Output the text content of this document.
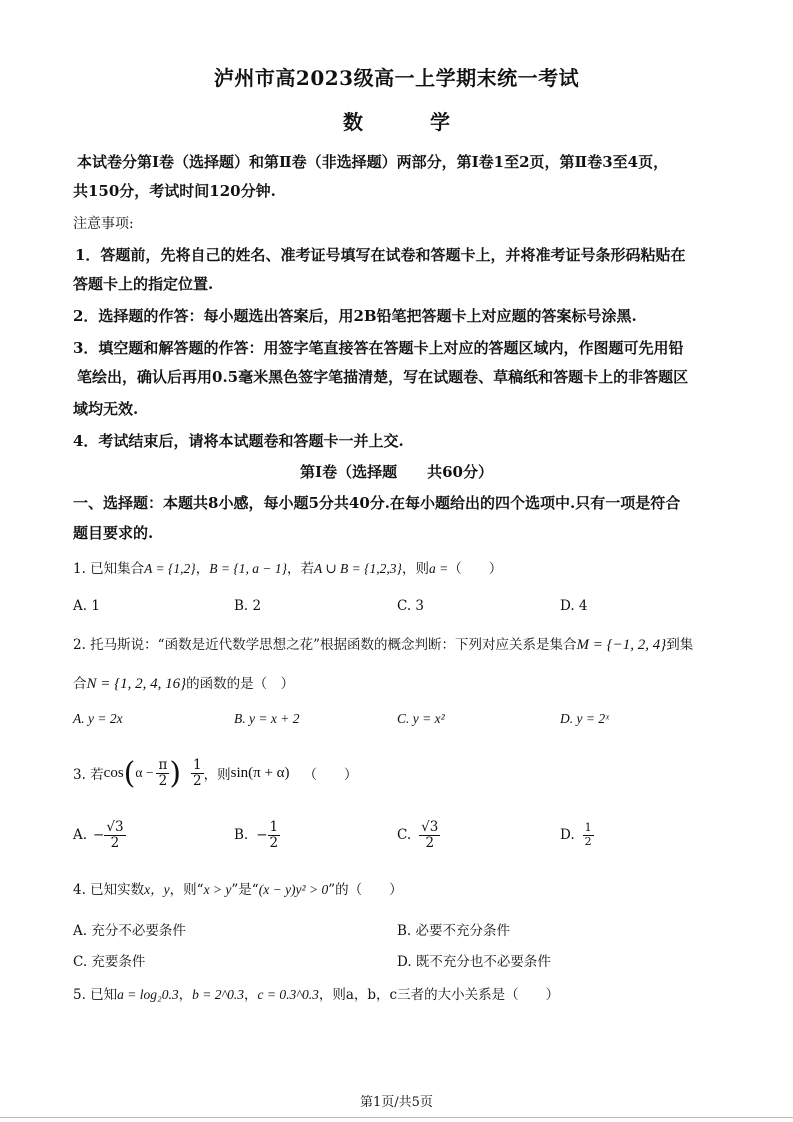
泸州市高2023级高一上学期末统一考试
数 学
本试卷分第Ⅰ卷（选择题）和第Ⅱ卷（非选择题）两部分，第Ⅰ卷1至2页，第Ⅱ卷3至4页，
共150分，考试时间120分钟.
注意事项:
1．答题前，先将自己的姓名、准考证号填写在试卷和答题卡上，并将准考证号条形码粘贴在
答题卡上的指定位置.
2．选择题的作答：每小题选出答案后，用2B铅笔把答题卡上对应题的答案标号涂黑.
3．填空题和解答题的作答：用签字笔直接答在答题卡上对应的答题区域内，作图题可先用铅
笔绘出，确认后再用0.5毫米黑色签字笔描清楚，写在试题卷、草稿纸和答题卡上的非答题区
域均无效.
4．考试结束后，请将本试题卷和答题卡一并上交.
第Ⅰ卷（选择题　　共60分）
一、选择题：本题共8小感，每小题5分共40分.在每小题给出的四个选项中.只有一项是符合
题目要求的.
1. 已知集合A = {1,2}，B = {1, a − 1}，若A ∪ B = {1,2,3}，则a =（　　）
A. 1	B. 2	C. 3	D. 4
2. 托马斯说：“函数是近代数学思想之花”根据函数的概念判断：下列对应关系是集合M = {−1, 2, 4}到集
合N = {1, 2, 4, 16}的函数的是（　）
A. y = 2x	B. y = x + 2	C. y = x²	D. y = 2ˣ
3. 若 cos ( $\alpha - \frac{\pi}{2}$ ) $\frac{1}{2}$ ，则 sin(π + α) （　　）
A. − $\frac{√3}{2}$	B. − $\frac{1}{2}$	C. $\frac{√3}{2}$	D. $\frac{1}{2}$
4. 已知实数x，y，则“x > y”是“(x − y)y² > 0”的（　　）
A. 充分不必要条件	B. 必要不充分条件
C. 充要条件	D. 既不充分也不必要条件
5. 已知a = log₂0.3，b = 2^0.3，c = 0.3^0.3，则a，b，c三者的大小关系是（　　）
第1页/共5页
